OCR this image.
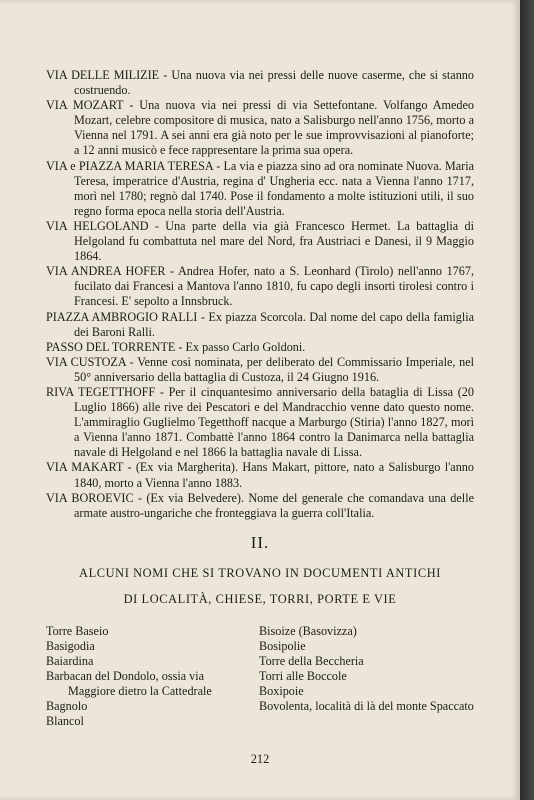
VIA DELLE MILIZIE - Una nuova via nei pressi delle nuove caserme, che si stanno costruendo.

VIA MOZART - Una nuova via nei pressi di via Settefontane. Volfango Amedeo Mozart, celebre compositore di musica, nato a Salisburgo nell'anno 1756, morto a Vienna nel 1791. A sei anni era già noto per le sue improvvisazioni al pianoforte; a 12 anni musicò e fece rappresentare la prima sua opera.

VIA e PIAZZA MARIA TERESA - La via e piazza sino ad ora nominate Nuova. Maria Teresa, imperatrice d'Austria, regina d' Ungheria ecc. nata a Vienna l'anno 1717, morì nel 1780; regnò dal 1740. Pose il fondamento a molte istituzioni utili, il suo regno forma epoca nella storia dell'Austria.

VIA HELGOLAND - Una parte della via già Francesco Hermet. La battaglia di Helgoland fu combattuta nel mare del Nord, fra Austriaci e Danesi, il 9 Maggio 1864.

VIA ANDREA HOFER - Andrea Hofer, nato a S. Leonhard (Tirolo) nell'anno 1767, fucilato dai Francesi a Mantova l'anno 1810, fu capo degli insorti tirolesi contro i Francesi. E' sepolto a Innsbruck.

PIAZZA AMBROGIO RALLI - Ex piazza Scorcola. Dal nome del capo della famiglia dei Baroni Ralli.

PASSO DEL TORRENTE - Ex passo Carlo Goldoni.

VIA CUSTOZA - Venne così nominata, per deliberato del Commissario Imperiale, nel 50° anniversario della battaglia di Custoza, il 24 Giugno 1916.

RIVA TEGETTHOFF - Per il cinquantesimo anniversario della bataglia di Lissa (20 Luglio 1866) alle rive dei Pescatori e del Mandracchio venne dato questo nome. L'ammiraglio Guglielmo Tegetthoff nacque a Marburgo (Stiria) l'anno 1827, morì a Vienna l'anno 1871. Combattè l'anno 1864 contro la Danimarca nella battaglia navale di Helgoland e nel 1866 la battaglia navale di Lissa.

VIA MAKART - (Ex via Margherita). Hans Makart, pittore, nato a Salisburgo l'anno 1840, morto a Vienna l'anno 1883.

VIA BOROEVIC - (Ex via Belvedere). Nome del generale che comandava una delle armate austro-ungariche che fronteggiava la guerra coll'Italia.

II.

ALCUNI NOMI CHE SI TROVANO IN DOCUMENTI ANTICHI

DI LOCALITÀ, CHIESE, TORRI, PORTE E VIE

Torre Baseio

Basigodia

Baiardina

Barbacan del Dondolo, ossia via Maggiore dietro la Cattedrale

Bagnolo

Blancol

Bisoize (Basovizza)

Bosipolie

Torre della Beccheria

Torri alle Boccole

Boxipoie

Bovolenta, località di là del monte Spaccato

212
